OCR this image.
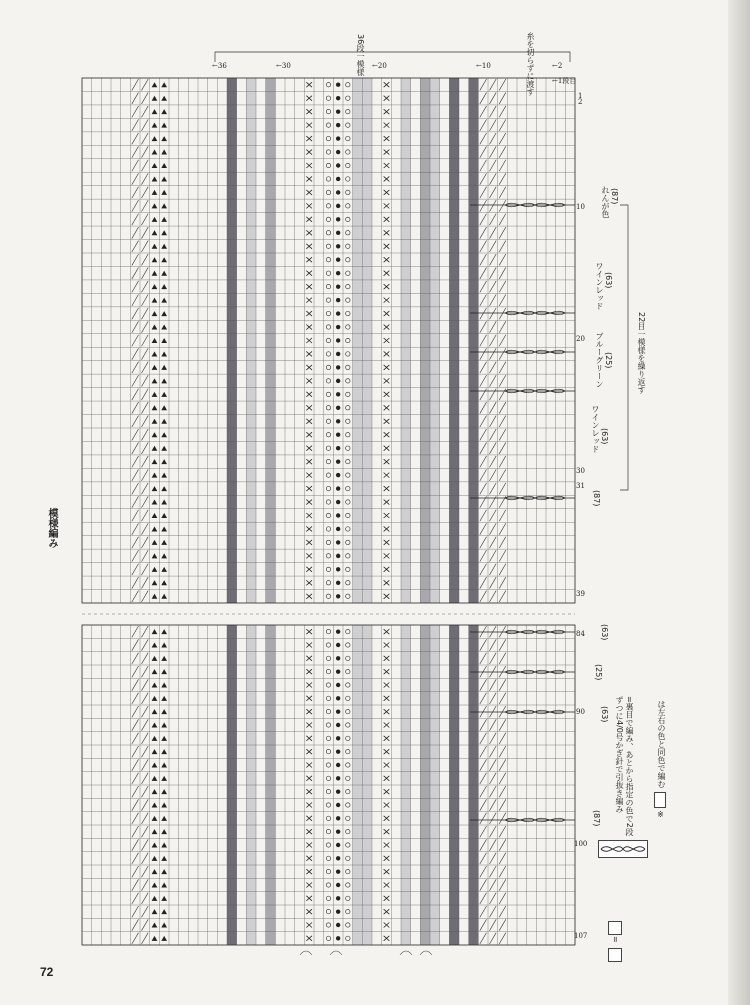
模様編み
36段一模様	糸を切らずに渡す
←36	←30	←20	←10	←2
←1段目
1
2
10
20
30
31
39
84
90
100
107
れんが色 (87)
ワインレッド (63)
ブルーグリーン (25)
ワインレッド (63)
(87)
22目一模様を繰り返す
(63)
(25)
(63)
(87)	=裏目で編み、あとから指定の色で2段ずつに4/0号かぎ針で引抜き編み
※
は左右の色と同色で編む
=
72
